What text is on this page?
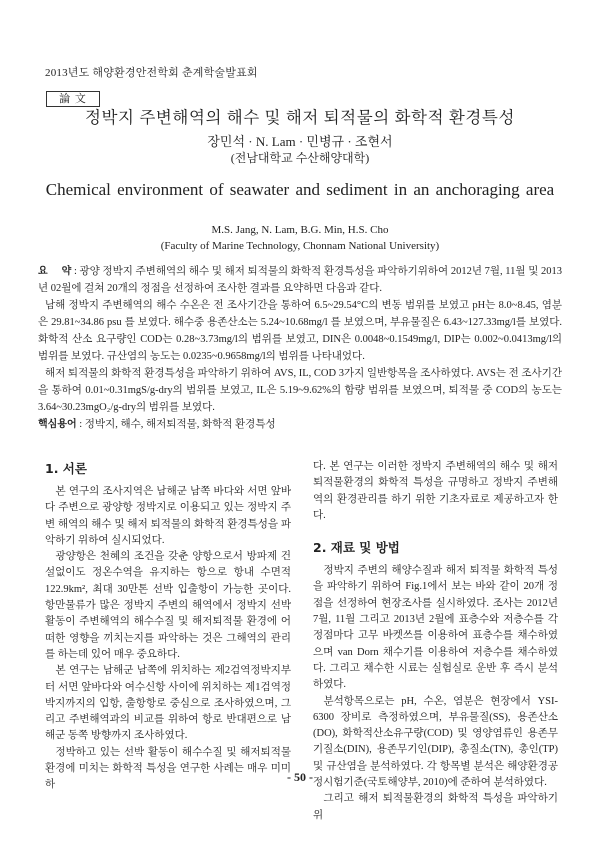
2013년도 해양환경안전학회 춘계학술발표회
論 文
정박지 주변해역의 해수 및 해저 퇴적물의 화학적 환경특성
장민석 · N. Lam · 민병규 · 조현서
(전남대학교 수산해양대학)
Chemical environment of seawater and sediment in an anchoraging area
M.S. Jang, N. Lam, B.G. Min, H.S. Cho
(Faculty of Marine Technology, Chonnam National University)

요    약 : 광양 정박지 주변해역의 해수 및 해저 퇴적물의 화학적 환경특성을 파악하기위하여 2012년 7월, 11월 및 2013년 02월에 걸쳐 20개의 정점을 선정하여 조사한 결과를 요약하면 다음과 같다.

남해 정박지 주변해역의 해수 수온은 전 조사기간을 통하여 6.5~29.54°C의 변동 범위를 보였고 pH는 8.0~8.45, 염분은 29.81~34.86 psu 를 보였다. 해수중 용존산소는 5.24~10.68mg/l 를 보였으며, 부유물질은 6.43~127.33mg/l를 보였다. 화학적 산소 요구량인 COD는 0.28~3.73mg/l의 범위를 보였고, DIN은 0.0048~0.1549mg/l, DIP는 0.002~0.0413mg/l의 범위를 보였다. 규산염의 농도는 0.0235~0.9658mg/l의 범위를 나타내었다.

해저 퇴적물의 화학적 환경특성을 파악하기 위하여 AVS, IL, COD 3가지 일반항목을 조사하였다. AVS는 전 조사기간을 통하여 0.01~0.31mgS/g-dry의 범위를 보였고, IL은 5.19~9.62%의 함량 범위를 보였으며, 퇴적물 중 COD의 농도는 3.64~30.23mgO₂/g-dry의 범위를 보였다.

핵심용어 : 정박지, 해수, 해저퇴적물, 화학적 환경특성
1. 서론

본 연구의 조사지역은 남해군 남쪽 바다와 서면 앞바다 주변으로 광양항 정박지로 이용되고 있는 정박지 주변 해역의 해수 및 해저 퇴적물의 화학적 환경특성을 파악하기 위하여 실시되었다.

광양항은 천혜의 조건을 갖춘 양항으로서 방파제 건설없이도 정온수역을 유지하는 항으로 항내 수면적 122.9km², 최대 30만톤 선박 입출항이 가능한 곳이다. 항만물류가 많은 정박지 주변의 해역에서 정박지 선박활동이 주변해역의 해수수질 및 해저퇴적물 환경에 어떠한 영향을 끼치는지를 파악하는 것은 그해역의 관리를 하는데 있어 매우 중요하다.

본 연구는 남해군 남쪽에 위치하는 제2검역정박지부터 서면 앞바다와 여수신항 사이에 위치하는 제1검역정박지까지의 입항, 출항항로 중심으로 조사하였으며, 그리고 주변해역과의 비교를 위하여 항로 반대편으로 남해군 동쪽 방향까지 조사하였다.

정박하고 있는 선박 활동이 해수수질 및 해저퇴적물환경에 미치는 화학적 특성을 연구한 사례는 매우 미미하

다. 본 연구는 이러한 정박지 주변해역의 해수 및 해저퇴적물환경의 화학적 특성을 규명하고 정박지 주변해역의 환경관리를 하기 위한 기초자료로 제공하고자 한다.

2. 재료 및 방법

정박지 주변의 해양수질과 해저 퇴적물 화학적 특성을 파악하기 위하여 Fig.1에서 보는 바와 같이 20개 정점을 선정하여 현장조사를 실시하였다. 조사는 2012년 7월, 11월 그리고 2013년 2월에 표층수와 저층수를 각 정점마다 고무 바켓쓰를 이용하여 표층수를 채수하였으며 van Dorn 채수기를 이용하여 저층수를 채수하였다. 그리고 채수한 시료는 실험실로 운반 후 즉시 분석하였다.

분석항목으로는 pH, 수온, 염분은 현장에서 YSI-6300 장비로 측정하였으며, 부유물질(SS), 용존산소(DO), 화학적산소유구량(COD) 및 영양염류인 용존무기질소(DIN), 용존무기인(DIP), 총질소(TN), 총인(TP) 및 규산염을 분석하였다. 각 항목별 분석은 해양환경공정시험기준(국토해양부, 2010)에 준하여 분석하였다.

그리고 해저 퇴적물환경의 화학적 특성을 파악하기 위

- 50 -
